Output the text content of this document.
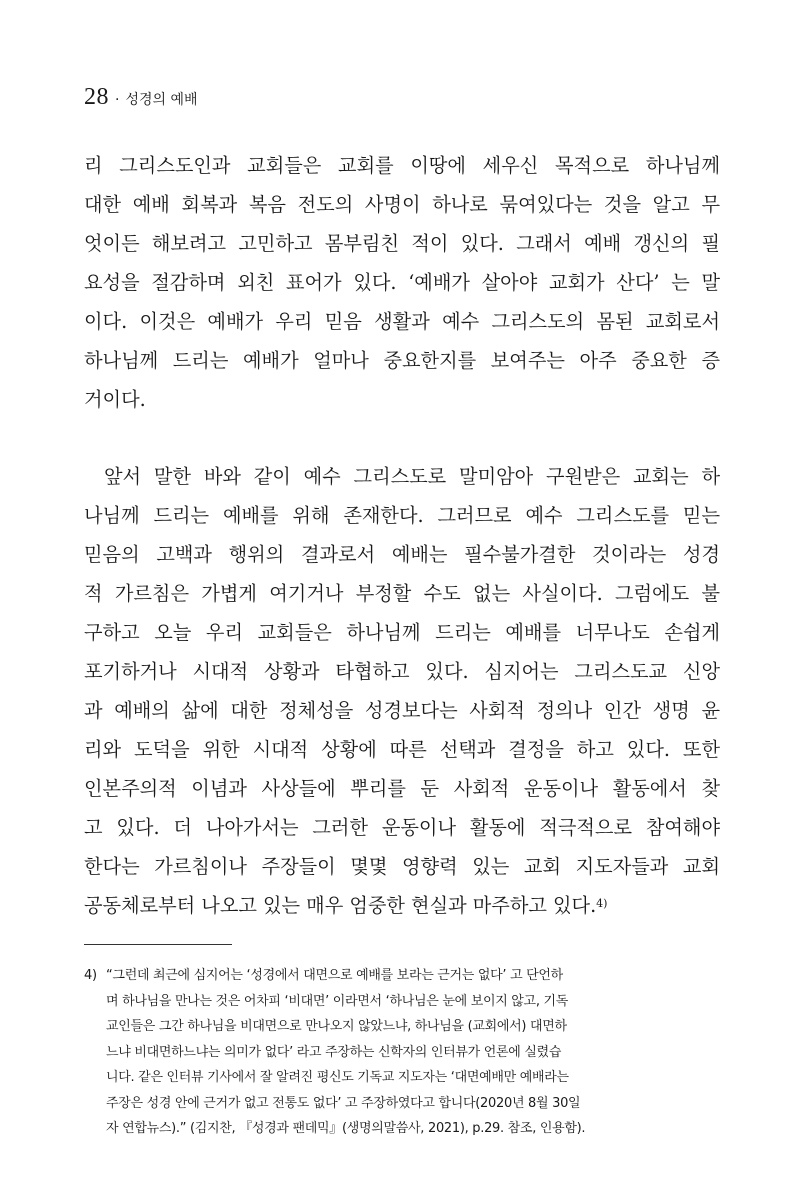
28 · 성경의 예배
리 그리스도인과 교회들은 교회를 이땅에 세우신 목적으로 하나님께
대한 예배 회복과 복음 전도의 사명이 하나로 묶여있다는 것을 알고 무
엇이든 해보려고 고민하고 몸부림친 적이 있다. 그래서 예배 갱신의 필
요성을 절감하며 외친 표어가 있다. ‘예배가 살아야 교회가 산다’ 는 말
이다. 이것은 예배가 우리 믿음 생활과 예수 그리스도의 몸된 교회로서
하나님께 드리는 예배가 얼마나 중요한지를 보여주는 아주 중요한 증
거이다.
앞서 말한 바와 같이 예수 그리스도로 말미암아 구원받은 교회는 하
나님께 드리는 예배를 위해 존재한다. 그러므로 예수 그리스도를 믿는
믿음의 고백과 행위의 결과로서 예배는 필수불가결한 것이라는 성경
적 가르침은 가볍게 여기거나 부정할 수도 없는 사실이다. 그럼에도 불
구하고 오늘 우리 교회들은 하나님께 드리는 예배를 너무나도 손쉽게
포기하거나 시대적 상황과 타협하고 있다. 심지어는 그리스도교 신앙
과 예배의 삶에 대한 정체성을 성경보다는 사회적 정의나 인간 생명 윤
리와 도덕을 위한 시대적 상황에 따른 선택과 결정을 하고 있다. 또한
인본주의적 이념과 사상들에 뿌리를 둔 사회적 운동이나 활동에서 찾
고 있다. 더 나아가서는 그러한 운동이나 활동에 적극적으로 참여해야
한다는 가르침이나 주장들이 몇몇 영향력 있는 교회 지도자들과 교회
공동체로부터 나오고 있는 매우 엄중한 현실과 마주하고 있다.$^{4)}$
4) “그런데 최근에 심지어는 ‘성경에서 대면으로 예배를 보라는 근거는 없다’ 고 단언하
며 하나님을 만나는 것은 어차피 ‘비대면’ 이라면서 ‘하나님은 눈에 보이지 않고, 기독
교인들은 그간 하나님을 비대면으로 만나오지 않았느냐, 하나님을 (교회에서) 대면하
느냐 비대면하느냐는 의미가 없다’ 라고 주장하는 신학자의 인터뷰가 언론에 실렸습
니다. 같은 인터뷰 기사에서 잘 알려진 평신도 기독교 지도자는 ‘대면예배만 예배라는
주장은 성경 안에 근거가 없고 전통도 없다’ 고 주장하였다고 합니다(2020년 8월 30일
자 연합뉴스).” (김지찬, 『성경과 팬데믹』(생명의말씀사, 2021), p.29. 참조, 인용함).
